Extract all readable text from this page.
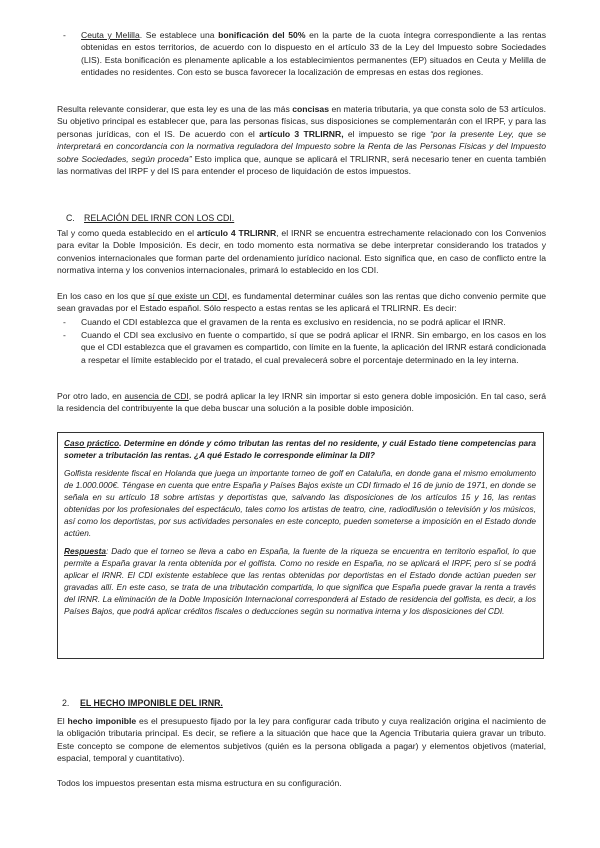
- Ceuta y Melilla. Se establece una bonificación del 50% en la parte de la cuota íntegra correspondiente a las rentas obtenidas en estos territorios, de acuerdo con lo dispuesto en el artículo 33 de la Ley del Impuesto sobre Sociedades (LIS). Esta bonificación es plenamente aplicable a los establecimientos permanentes (EP) situados en Ceuta y Melilla de entidades no residentes. Con esto se busca favorecer la localización de empresas en estas dos regiones.

Resulta relevante considerar, que esta ley es una de las más concisas en materia tributaria, ya que consta solo de 53 artículos. Su objetivo principal es establecer que, para las personas físicas, sus disposiciones se complementarán con el IRPF, y para las personas jurídicas, con el IS. De acuerdo con el artículo 3 TRLIRNR, el impuesto se rige “por la presente Ley, que se interpretará en concordancia con la normativa reguladora del Impuesto sobre la Renta de las Personas Físicas y del Impuesto sobre Sociedades, según proceda” Esto implica que, aunque se aplicará el TRLIRNR, será necesario tener en cuenta también las normativas del IRPF y del IS para entender el proceso de liquidación de estos impuestos.

C. RELACIÓN DEL IRNR CON LOS CDI.

Tal y como queda establecido en el artículo 4 TRLIRNR, el IRNR se encuentra estrechamente relacionado con los Convenios para evitar la Doble Imposición. Es decir, en todo momento esta normativa se debe interpretar considerando los tratados y convenios internacionales que forman parte del ordenamiento jurídico nacional. Esto significa que, en caso de conflicto entre la normativa interna y los convenios internacionales, primará lo establecido en los CDI.

En los caso en los que sí que existe un CDI, es fundamental determinar cuáles son las rentas que dicho convenio permite que sean gravadas por el Estado español. Sólo respecto a estas rentas se les aplicará el TRLIRNR. Es decir:

- Cuando el CDI establezca que el gravamen de la renta es exclusivo en residencia, no se podrá aplicar el IRNR.
- Cuando el CDI sea exclusivo en fuente o compartido, sí que se podrá aplicar el IRNR. Sin embargo, en los casos en los que el CDI establezca que el gravamen es compartido, con límite en la fuente, la aplicación del IRNR estará condicionada a respetar el límite establecido por el tratado, el cual prevalecerá sobre el porcentaje determinado en la ley interna.

Por otro lado, en ausencia de CDI, se podrá aplicar la ley IRNR sin importar si esto genera doble imposición. En tal caso, será la residencia del contribuyente la que deba buscar una solución a la posible doble imposición.

Caso práctico. Determine en dónde y cómo tributan las rentas del no residente, y cuál Estado tiene competencias para someter a tributación las rentas. ¿A qué Estado le corresponde eliminar la DII?

Golfista residente fiscal en Holanda que juega un importante torneo de golf en Cataluña, en donde gana el mismo emolumento de 1.000.000€. Téngase en cuenta que entre España y Países Bajos existe un CDI firmado el 16 de junio de 1971, en donde se señala en su artículo 18 sobre artistas y deportistas que, salvando las disposiciones de los artículos 15 y 16, las rentas obtenidas por los profesionales del espectáculo, tales como los artistas de teatro, cine, radiodifusión o televisión y los músicos, así como los deportistas, por sus actividades personales en este concepto, pueden someterse a imposición en el Estado donde actúen.

Respuesta: Dado que el torneo se lleva a cabo en España, la fuente de la riqueza se encuentra en territorio español, lo que permite a España gravar la renta obtenida por el golfista. Como no reside en España, no se aplicará el IRPF, pero sí se podrá aplicar el IRNR. El CDI existente establece que las rentas obtenidas por deportistas en el Estado donde actúan pueden ser gravadas allí. En este caso, se trata de una tributación compartida, lo que significa que España puede gravar la renta a través del IRNR. La eliminación de la Doble Imposición Internacional corresponderá al Estado de residencia del golfista, es decir, a los Países Bajos, que podrá aplicar créditos fiscales o deducciones según su normativa interna y los disposiciones del CDI.

2. EL HECHO IMPONIBLE DEL IRNR.

El hecho imponible es el presupuesto fijado por la ley para configurar cada tributo y cuya realización origina el nacimiento de la obligación tributaria principal. Es decir, se refiere a la situación que hace que la Agencia Tributaria quiera gravar un tributo. Este concepto se compone de elementos subjetivos (quién es la persona obligada a pagar) y elementos objetivos (material, espacial, temporal y cuantitativo).

Todos los impuestos presentan esta misma estructura en su configuración.
